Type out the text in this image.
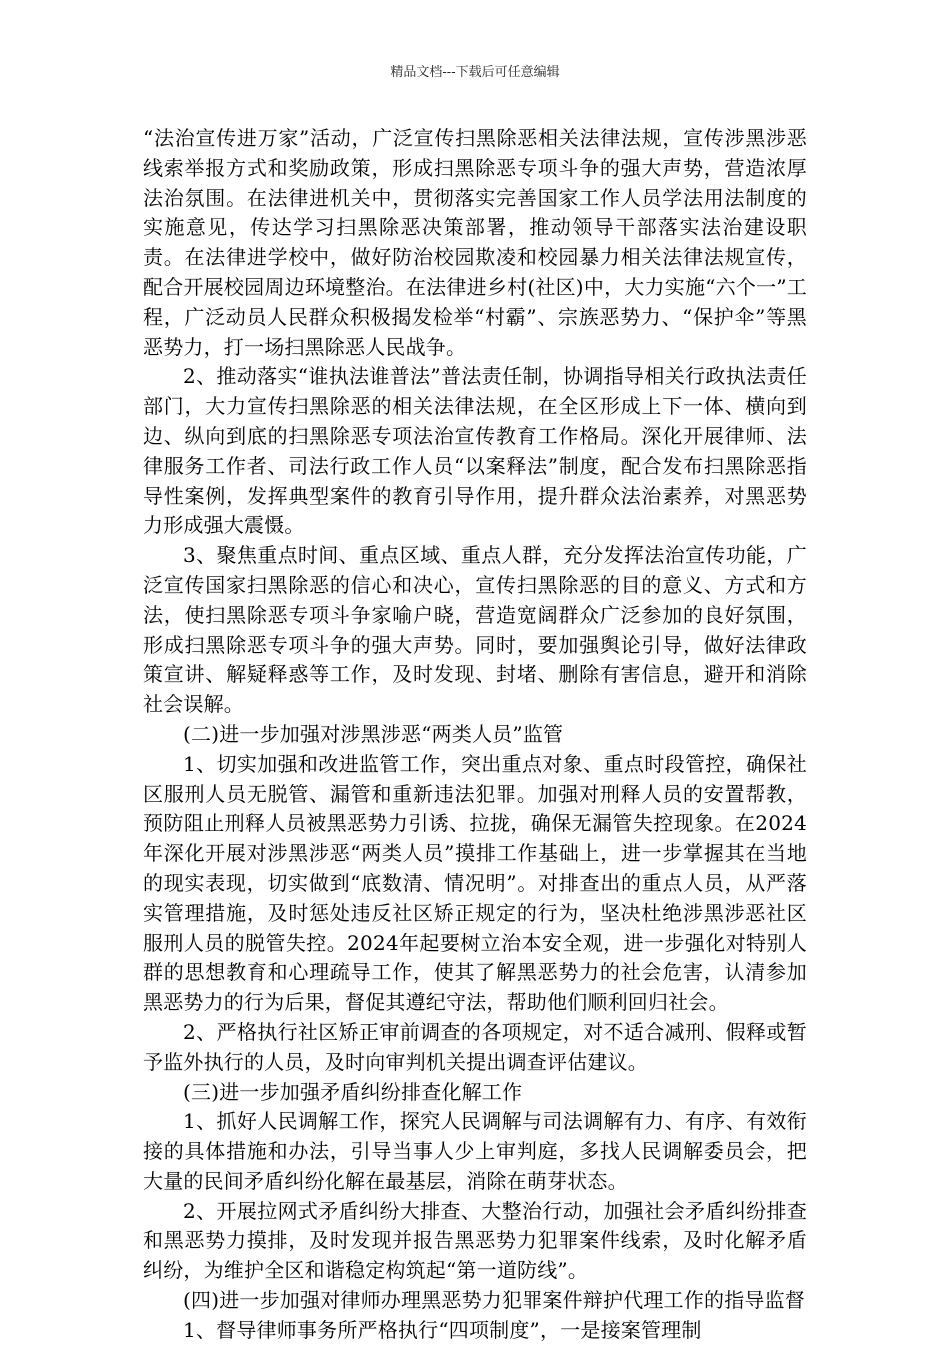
精品文档---下载后可任意编辑

“法治宣传进万家”活动，广泛宣传扫黑除恶相关法律法规，宣传涉黑涉恶线索举报方式和奖励政策，形成扫黑除恶专项斗争的强大声势，营造浓厚法治氛围。在法律进机关中，贯彻落实完善国家工作人员学法用法制度的实施意见，传达学习扫黑除恶决策部署，推动领导干部落实法治建设职责。在法律进学校中，做好防治校园欺凌和校园暴力相关法律法规宣传，配合开展校园周边环境整治。在法律进乡村(社区)中，大力实施“六个一”工程，广泛动员人民群众积极揭发检举“村霸”、宗族恶势力、“保护伞”等黑恶势力，打一场扫黑除恶人民战争。

2、推动落实“谁执法谁普法”普法责任制，协调指导相关行政执法责任部门，大力宣传扫黑除恶的相关法律法规，在全区形成上下一体、横向到边、纵向到底的扫黑除恶专项法治宣传教育工作格局。深化开展律师、法律服务工作者、司法行政工作人员“以案释法”制度，配合发布扫黑除恶指导性案例，发挥典型案件的教育引导作用，提升群众法治素养，对黑恶势力形成强大震慑。

3、聚焦重点时间、重点区域、重点人群，充分发挥法治宣传功能，广泛宣传国家扫黑除恶的信心和决心，宣传扫黑除恶的目的意义、方式和方法，使扫黑除恶专项斗争家喻户晓，营造宽阔群众广泛参加的良好氛围，形成扫黑除恶专项斗争的强大声势。同时，要加强舆论引导，做好法律政策宣讲、解疑释惑等工作，及时发现、封堵、删除有害信息，避开和消除社会误解。

(二)进一步加强对涉黑涉恶“两类人员”监管

1、切实加强和改进监管工作，突出重点对象、重点时段管控，确保社区服刑人员无脱管、漏管和重新违法犯罪。加强对刑释人员的安置帮教，预防阻止刑释人员被黑恶势力引诱、拉拢，确保无漏管失控现象。在2024年深化开展对涉黑涉恶“两类人员”摸排工作基础上，进一步掌握其在当地的现实表现，切实做到“底数清、情况明”。对排查出的重点人员，从严落实管理措施，及时惩处违反社区矫正规定的行为，坚决杜绝涉黑涉恶社区服刑人员的脱管失控。2024年起要树立治本安全观，进一步强化对特别人群的思想教育和心理疏导工作，使其了解黑恶势力的社会危害，认清参加黑恶势力的行为后果，督促其遵纪守法，帮助他们顺利回归社会。

2、严格执行社区矫正审前调查的各项规定，对不适合减刑、假释或暂予监外执行的人员，及时向审判机关提出调查评估建议。

(三)进一步加强矛盾纠纷排查化解工作

1、抓好人民调解工作，探究人民调解与司法调解有力、有序、有效衔接的具体措施和办法，引导当事人少上审判庭，多找人民调解委员会，把大量的民间矛盾纠纷化解在最基层，消除在萌芽状态。

2、开展拉网式矛盾纠纷大排查、大整治行动，加强社会矛盾纠纷排查和黑恶势力摸排，及时发现并报告黑恶势力犯罪案件线索，及时化解矛盾纠纷，为维护全区和谐稳定构筑起“第一道防线”。

(四)进一步加强对律师办理黑恶势力犯罪案件辩护代理工作的指导监督

1、督导律师事务所严格执行“四项制度”，一是接案管理制
